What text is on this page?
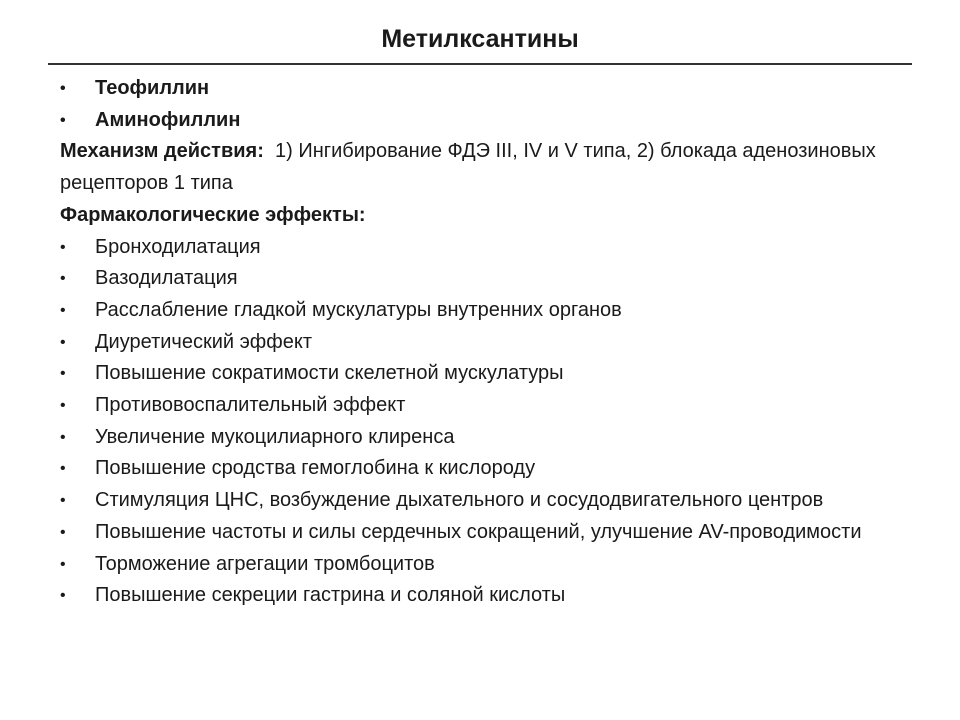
Метилксантины
•	Теофиллин
•	Аминофиллин

Механизм действия: 1) Ингибирование ФДЭ III, IV и V типа, 2) блокада аденозиновых рецепторов 1 типа

Фармакологические эффекты:

•	Бронходилатация
•	Вазодилатация
•	Расслабление гладкой мускулатуры внутренних органов
•	Диуретический эффект
•	Повышение сократимости скелетной мускулатуры
•	Противовоспалительный эффект
•	Увеличение мукоцилиарного клиренса
•	Повышение сродства гемоглобина к кислороду
•	Стимуляция ЦНС, возбуждение дыхательного и сосудодвигательного центров
•	Повышение частоты и силы сердечных сокращений, улучшение AV-проводимости
•	Торможение агрегации тромбоцитов
•	Повышение секреции гастрина и соляной кислоты
